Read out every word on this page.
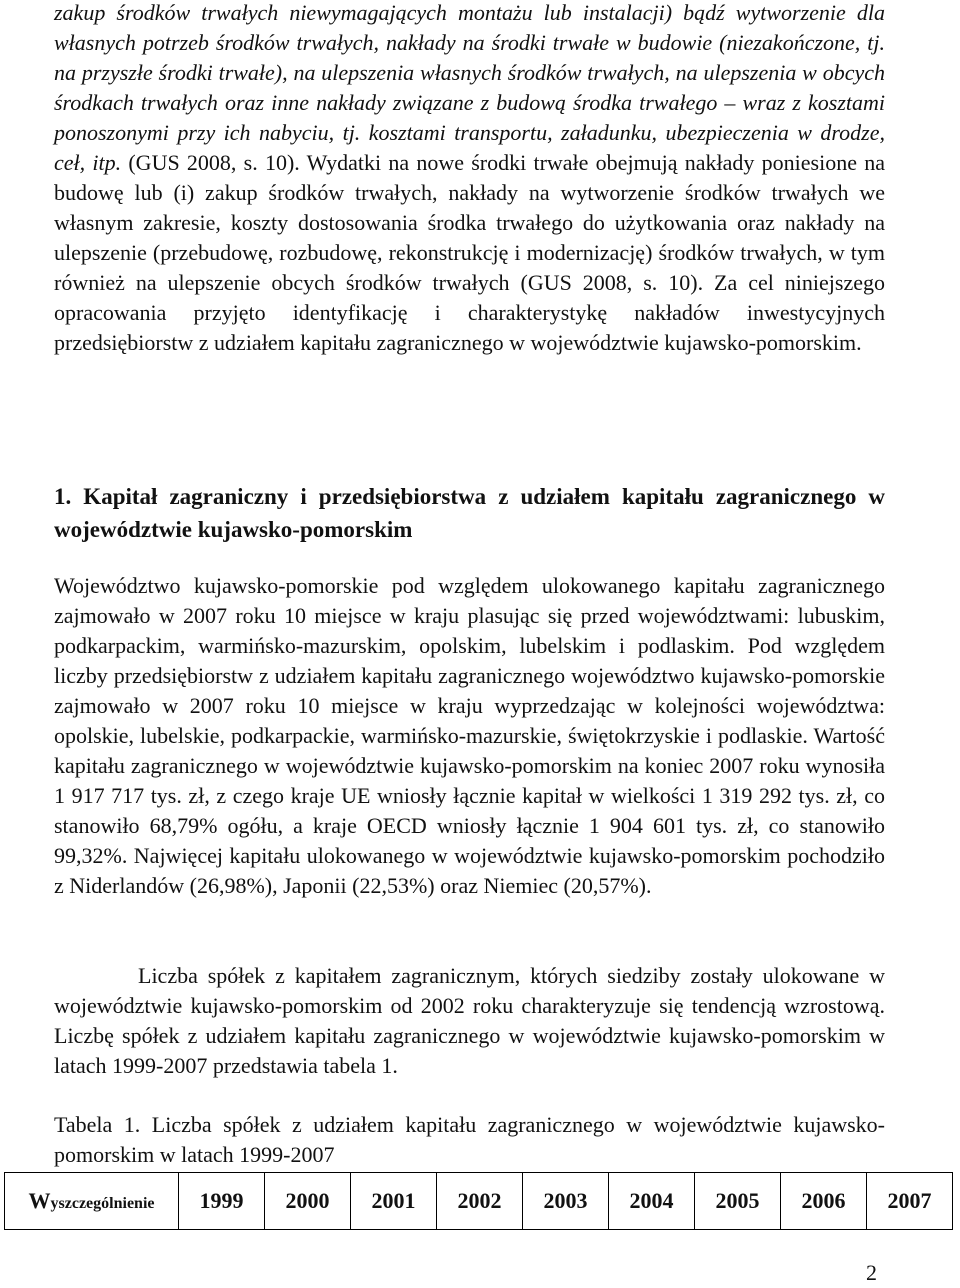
zakup środków trwałych niewymagających montażu lub instalacji) bądź wytworzenie dla własnych potrzeb środków trwałych, nakłady na środki trwałe w budowie (niezakończone, tj. na przyszłe środki trwałe), na ulepszenia własnych środków trwałych, na ulepszenia w obcych środkach trwałych oraz inne nakłady związane z budową środka trwałego – wraz z kosztami ponoszonymi przy ich nabyciu, tj. kosztami transportu, załadunku, ubezpieczenia w drodze, ceł, itp. (GUS 2008, s. 10). Wydatki na nowe środki trwałe obejmują nakłady poniesione na budowę lub (i) zakup środków trwałych, nakłady na wytworzenie środków trwałych we własnym zakresie, koszty dostosowania środka trwałego do użytkowania oraz nakłady na ulepszenie (przebudowę, rozbudowę, rekonstrukcję i modernizację) środków trwałych, w tym również na ulepszenie obcych środków trwałych (GUS 2008, s. 10). Za cel niniejszego opracowania przyjęto identyfikację i charakterystykę nakładów inwestycyjnych przedsiębiorstw z udziałem kapitału zagranicznego w województwie kujawsko-pomorskim.
1. Kapitał zagraniczny i przedsiębiorstwa z udziałem kapitału zagranicznego w województwie kujawsko-pomorskim
Województwo kujawsko-pomorskie pod względem ulokowanego kapitału zagranicznego zajmowało w 2007 roku 10 miejsce w kraju plasując się przed województwami: lubuskim, podkarpackim, warmińsko-mazurskim, opolskim, lubelskim i podlaskim. Pod względem liczby przedsiębiorstw z udziałem kapitału zagranicznego województwo kujawsko-pomorskie zajmowało w 2007 roku 10 miejsce w kraju wyprzedzając w kolejności województwa: opolskie, lubelskie, podkarpackie, warmińsko-mazurskie, świętokrzyskie i podlaskie. Wartość kapitału zagranicznego w województwie kujawsko-pomorskim na koniec 2007 roku wynosiła 1 917 717 tys. zł, z czego kraje UE wniosły łącznie kapitał w wielkości 1 319 292 tys. zł, co stanowiło 68,79% ogółu, a kraje OECD wniosły łącznie 1 904 601 tys. zł, co stanowiło 99,32%. Najwięcej kapitału ulokowanego w województwie kujawsko-pomorskim pochodziło z Niderlandów (26,98%), Japonii (22,53%) oraz Niemiec (20,57%).
Liczba spółek z kapitałem zagranicznym, których siedziby zostały ulokowane w województwie kujawsko-pomorskim od 2002 roku charakteryzuje się tendencją wzrostową. Liczbę spółek z udziałem kapitału zagranicznego w województwie kujawsko-pomorskim w latach 1999-2007 przedstawia tabela 1.
Tabela 1. Liczba spółek z udziałem kapitału zagranicznego w województwie kujawsko-pomorskim w latach 1999-2007
Wyszczególnienie	1999	2000	2001	2002	2003	2004	2005	2006	2007
2
